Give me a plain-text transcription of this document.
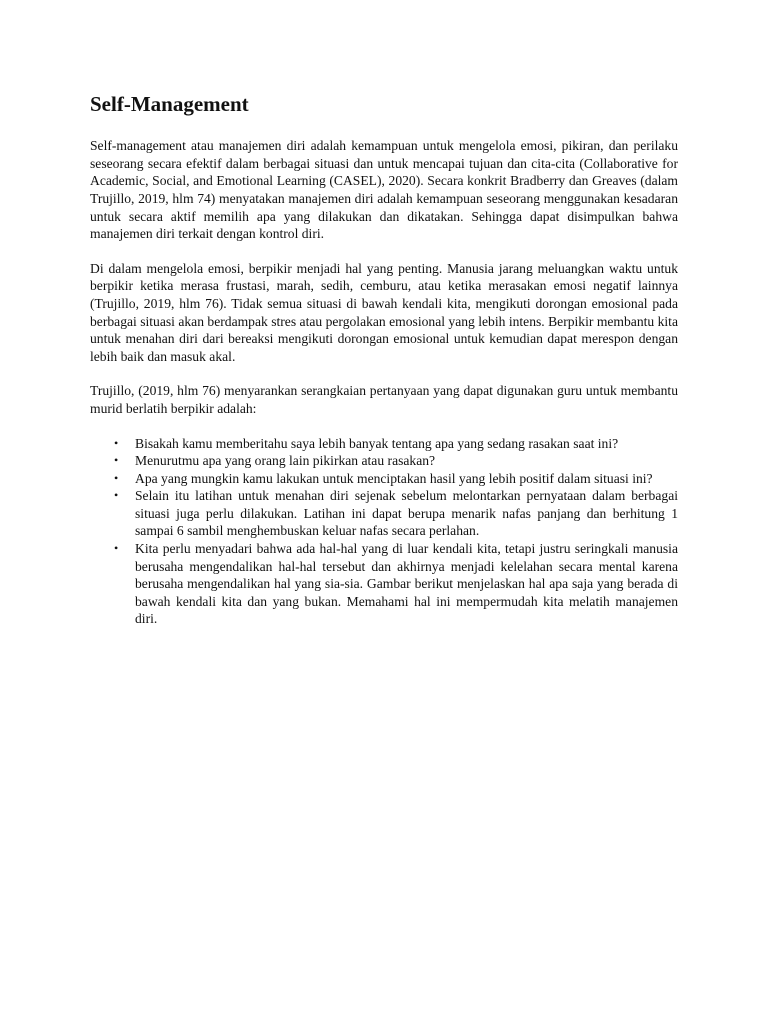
Self-Management

Self-management atau manajemen diri adalah kemampuan untuk mengelola emosi, pikiran, dan perilaku seseorang secara efektif dalam berbagai situasi dan untuk mencapai tujuan dan cita-cita (Collaborative for Academic, Social, and Emotional Learning (CASEL), 2020). Secara konkrit Bradberry dan Greaves (dalam Trujillo, 2019, hlm 74) menyatakan manajemen diri adalah kemampuan seseorang menggunakan kesadaran untuk secara aktif memilih apa yang dilakukan dan dikatakan. Sehingga dapat disimpulkan bahwa manajemen diri terkait dengan kontrol diri.

Di dalam mengelola emosi, berpikir menjadi hal yang penting. Manusia jarang meluangkan waktu untuk berpikir ketika merasa frustasi, marah, sedih, cemburu, atau ketika merasakan emosi negatif lainnya (Trujillo, 2019, hlm 76). Tidak semua situasi di bawah kendali kita, mengikuti dorongan emosional pada berbagai situasi akan berdampak stres atau pergolakan emosional yang lebih intens. Berpikir membantu kita untuk menahan diri dari bereaksi mengikuti dorongan emosional untuk kemudian dapat merespon dengan lebih baik dan masuk akal.

Trujillo, (2019, hlm 76) menyarankan serangkaian pertanyaan yang dapat digunakan guru untuk membantu murid berlatih berpikir adalah:

• Bisakah kamu memberitahu saya lebih banyak tentang apa yang sedang rasakan saat ini?
• Menurutmu apa yang orang lain pikirkan atau rasakan?
• Apa yang mungkin kamu lakukan untuk menciptakan hasil yang lebih positif dalam situasi ini?
• Selain itu latihan untuk menahan diri sejenak sebelum melontarkan pernyataan dalam berbagai situasi juga perlu dilakukan. Latihan ini dapat berupa menarik nafas panjang dan berhitung 1 sampai 6 sambil menghembuskan keluar nafas secara perlahan.
• Kita perlu menyadari bahwa ada hal-hal yang di luar kendali kita, tetapi justru seringkali manusia berusaha mengendalikan hal-hal tersebut dan akhirnya menjadi kelelahan secara mental karena berusaha mengendalikan hal yang sia-sia. Gambar berikut menjelaskan hal apa saja yang berada di bawah kendali kita dan yang bukan. Memahami hal ini mempermudah kita melatih manajemen diri.
